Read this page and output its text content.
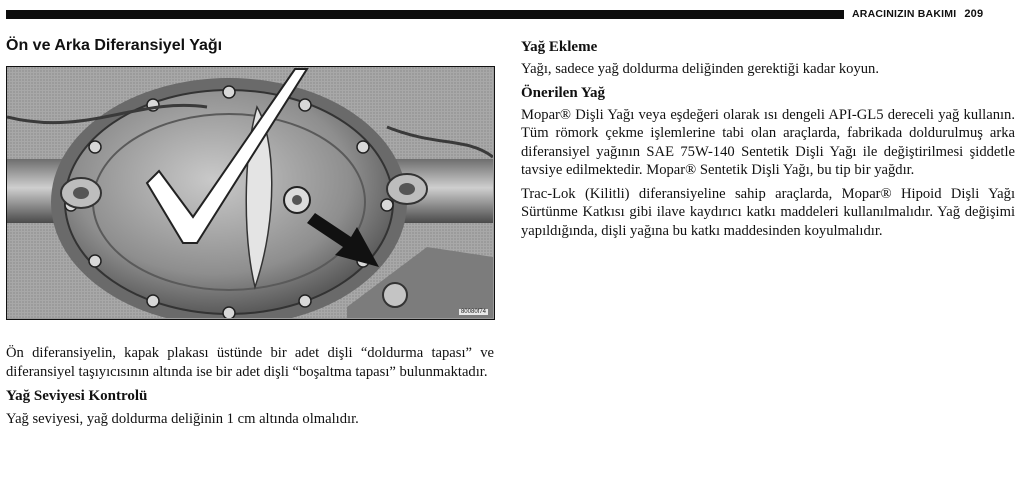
ARACINIZIN BAKIMI 209
Ön ve Arka Diferansiyel Yağı
80080f74

Ön diferansiyelin, kapak plakası üstünde bir adet dişli “doldurma tapası” ve diferansiyel taşıyıcısının altında ise bir adet dişli “boşaltma tapası” bulunmaktadır.

Yağ Seviyesi Kontrolü

Yağ seviyesi, yağ doldurma deliğinin 1 cm altında olmalıdır.

Yağ Ekleme

Yağı, sadece yağ doldurma deliğinden gerektiği kadar koyun.

Önerilen Yağ

Mopar® Dişli Yağı veya eşdeğeri olarak ısı dengeli API-GL5 dereceli yağ kullanın. Tüm römork çekme işlemlerine tabi olan araçlarda, fabrikada doldurulmuş arka diferansiyel yağının SAE 75W-140 Sentetik Dişli Yağı ile değiştirilmesi şiddetle tavsiye edilmektedir. Mopar® Sentetik Dişli Yağı, bu tip bir yağdır.

Trac-Lok (Kilitli) diferansiyeline sahip araçlarda, Mopar® Hipoid Dişli Yağı Sürtünme Katkısı gibi ilave kaydırıcı katkı maddeleri kullanılmalıdır. Yağ değişimi yapıldığında, dişli yağına bu katkı maddesinden koyulmalıdır.
